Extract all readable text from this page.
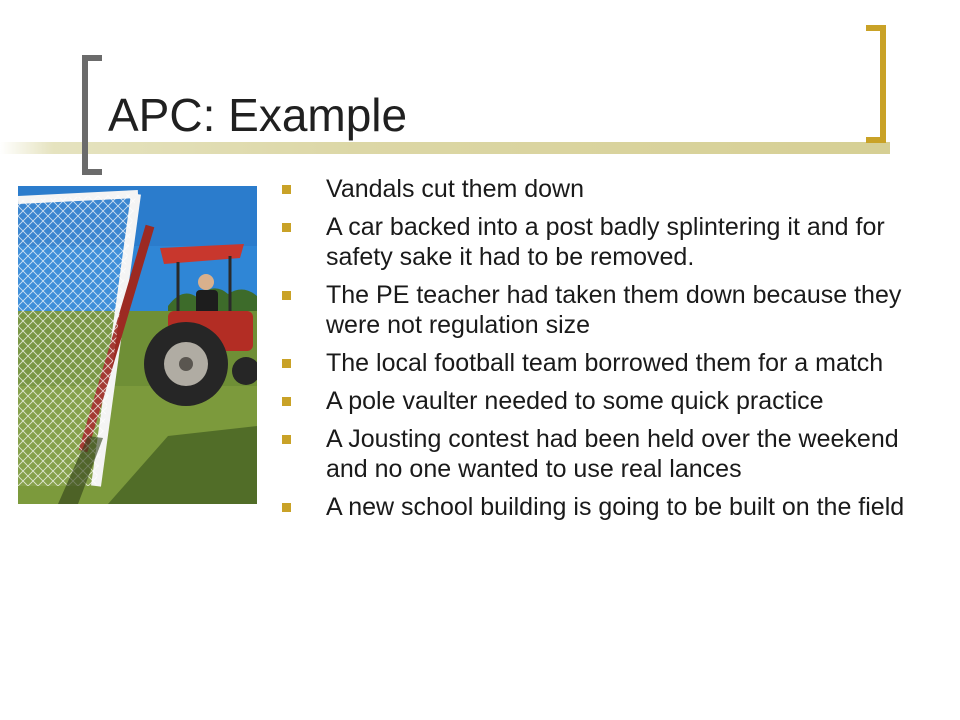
APC: Example
Vandals cut them down
A car backed into a post badly splintering it and for safety sake it had to be removed.
The PE teacher had taken them down because they were not regulation size
The local football team borrowed them for a match
A pole vaulter needed to some quick practice
A Jousting contest had been held over the weekend and no one wanted to use real lances
A new school building is going to be built on the field
